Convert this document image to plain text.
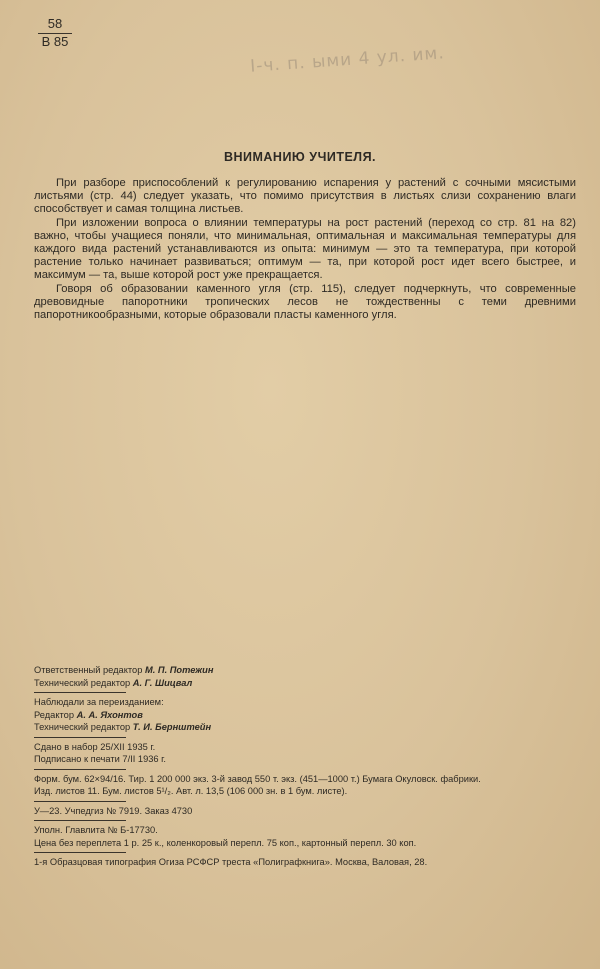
58
B 85
I-ч. п. ыми 4 ул. им.
ВНИМАНИЮ УЧИТЕЛЯ.

При разборе приспособлений к регулированию испарения у растений с сочными мясистыми листьями (стр. 44) следует указать, что помимо присутствия в листьях слизи сохранению влаги способствует и самая толщина листьев.

При изложении вопроса о влиянии температуры на рост растений (переход со стр. 81 на 82) важно, чтобы учащиеся поняли, что минимальная, оптимальная и максимальная температуры для каждого вида растений устанавливаются из опыта: минимум — это та температура, при которой растение только начинает развиваться; оптимум — та, при которой рост идет всего быстрее, и максимум — та, выше которой рост уже прекращается.

Говоря об образовании каменного угля (стр. 115), следует подчеркнуть, что современные древовидные папоротники тропических лесов не тождественны с теми древними папоротникообразными, которые образовали пласты каменного угля.

Ответственный редактор М. П. Потежин
Технический редактор А. Г. Шицвал
Наблюдали за переизданием:
Редактор А. А. Яхонтов
Технический редактор Т. И. Бернштейн
Сдано в набор 25/XII 1935 г.
Подписано к печати 7/II 1936 г.
Форм. бум. 62×94/16. Тир. 1 200 000 экз. 3-й завод 550 т. экз. (451—1000 т.) Бумага Окуловск. фабрики.
Изд. листов 11. Бум. листов 5¹/₂. Авт. л. 13,5 (106 000 зн. в 1 бум. листе).
У—23. Учпедгиз № 7919. Заказ 4730
Уполн. Главлита № Б-17730.
Цена без переплета 1 р. 25 к., коленкоровый перепл. 75 коп., картонный перепл. 30 коп.
1-я Образцовая типография Огиза РСФСР треста «Полиграфкнига». Москва, Валовая, 28.
